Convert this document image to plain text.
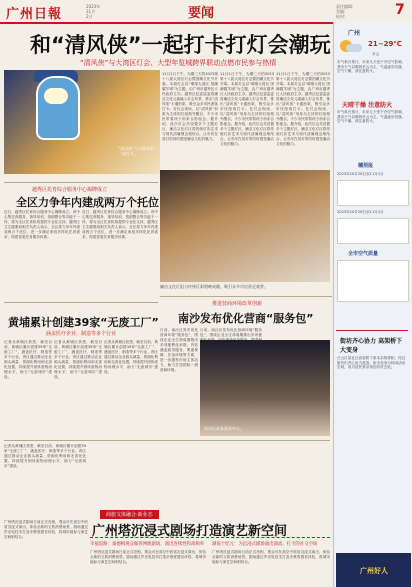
广州日報
2023年
11月
2日	要闻	责任编辑:
美编:
校对:	7
和“清风侠”一起打卡打灯会潮玩
“清风侠”与大湾区灯会、大型年览城跨界联动点燃市民参与热情
“清风侠”与小朋友们一起打卡。
11月1日下午，为期三天的2023第十八届大湾区灯会暨国潮文化节开幕。本届灯会以“璀璨大湾区 国潮耀羊城”为主题，由广州市越秀区人民政府主办。越秀区纪委监委将廉洁文化元素融入灯会布景，推出“清风侠”卡通形象，吸引众多市民游客打卡。在灯会现场，以“清风侠”形象为主体的灯组格外醒目，不少市民带着孩子前来合影留念。据介绍，此次灯会共设置多个主题灯区，廉洁文化灯区将传统灯彩艺术与现代清廉理念相结合，让市民在赏灯的同时感受廉洁文化的魅力。
11月1日下午，为期三天的2023第十八届大湾区灯会暨国潮文化节开幕。本届灯会以“璀璨大湾区 国潮耀羊城”为主题，由广州市越秀区人民政府主办。越秀区纪委监委将廉洁文化元素融入灯会布景，推出“清风侠”卡通形象，吸引众多市民游客打卡。在灯会现场，以“清风侠”形象为主体的灯组格外醒目，不少市民带着孩子前来合影留念。据介绍，此次灯会共设置多个主题灯区，廉洁文化灯区将传统灯彩艺术与现代清廉理念相结合，让市民在赏灯的同时感受廉洁文化的魅力。
11月1日下午，为期三天的2023第十八届大湾区灯会暨国潮文化节开幕。本届灯会以“璀璨大湾区 国潮耀羊城”为主题，由广州市越秀区人民政府主办。越秀区纪委监委将廉洁文化元素融入灯会布景，推出“清风侠”卡通形象，吸引众多市民游客打卡。在灯会现场，以“清风侠”形象为主体的灯组格外醒目，不少市民带着孩子前来合影留念。据介绍，此次灯会共设置多个主题灯区，廉洁文化灯区将传统灯彩艺术与现代清廉理念相结合，让市民在赏灯的同时感受廉洁文化的魅力。
廉洁文化灯组与传统灯彩相映成趣，吸引众多市民驻足观赏。
越秀区托育综合服务中心揭牌成立
全区力争年内建成两万个托位
近日，越秀区托育综合服务中心揭牌成立。该中心集托育服务、指导培训、资源整合等功能于一体，将为全区托育机构提供专业化支持。越秀区卫生健康局相关负责人表示，全区将力争年内建成两万个托位，进一步满足家庭多样化托育需求，构建普惠托育服务体系。
近日，越秀区托育综合服务中心揭牌成立。该中心集托育服务、指导培训、资源整合等功能于一体，将为全区托育机构提供专业化支持。越秀区卫生健康局相关负责人表示，全区将力争年内建成两万个托位，进一步满足家庭多样化托育需求，构建普惠托育服务体系。
黄埔累计创建39家“无废工厂”
涵盖医疗企业、制造等多个行业
记者从黄埔区获悉，截至目前，黄埔区累计创建39家“无废工厂”，涵盖医疗、制造等多个行业。该区通过推动企业源头减量、资源化利用和无害化处置，持续提升固体废物治理水平，助力“无废城市”建设。
记者从黄埔区获悉，截至目前，黄埔区累计创建39家“无废工厂”，涵盖医疗、制造等多个行业。该区通过推动企业源头减量、资源化利用和无害化处置，持续提升固体废物治理水平，助力“无废城市”建设。
记者从黄埔区获悉，截至目前，黄埔区累计创建39家“无废工厂”，涵盖医疗、制造等多个行业。该区通过推动企业源头减量、资源化利用和无害化处置，持续提升固体废物治理水平，助力“无废城市”建设。
推进营商环境改革创新
南沙发布优化营商“服务包”
日前，南沙区发布优化营商环境“服务包”，围绕企业全生命周期推出多项便利化举措。内容涵盖政务服务、要素保障、法治环境等方面，进一步激发市场主体活力，助力打造国际一流营商环境。
日前，南沙区发布优化营商环境“服务包”，围绕企业全生命周期推出多项便
南沙区政务服务中心。
记者从黄埔区获悉，截至目前，黄埔区累计创建39家“无废工厂”，涵盖医疗、制造等多个行业。该区通过推动企业源头减量、资源化利用和无害化处置，持续提升固体废物治理水平，助力“无废城市”建设。
商旅文体融合·新业态
广州塔沉浸式剧场打造演艺新空间
幸福追路：秦德相观众做客网映剧场，演出连续性和高频率	湖南十纪元：为沉浸式剧场演出演戏、打卡的社交空间
广州塔沉浸式剧场日前正式亮相，观众可在高空中欣赏沉浸式演出，体验全新的文旅消费场景。剧场通过声光电技术打造多维度感官体验，将城市地标与演艺空间相结合。
广州塔沉浸式剧场日前正式亮相，观众可在高空中欣赏沉浸式演出，体验全新的文旅消费场景。剧场通过声光电技术打造多维度感官体验，将城市地标与演艺空间相结合。
广州塔沉浸式剧场日前正式亮相，观众可在高空中欣赏沉浸式演出，体验全新的文旅消费场景。剧场通过声光电技术打造多维度感官体验，将城市地标与演艺空间相结合。
广州
21~29℃
多云
市气象台预计，未来几天受干冷空气影响，我市天气以晴到多云为主，气温逐步回落，空气干燥，请注意防火。
天晴干燥 注意防火
市气象台预计，未来几天受干冷空气影响，我市天气以晴到多云为主，气温逐步回落，空气干燥，请注意防火。
穗预报
2023年10月28日至11月1日
2023年10月28日至11月1日
全市空气质量
街坊齐心协力 高架桥下大变身
白云区某社区高架桥下原本杂物堆积，经过街坊们齐心协力改造，如今变身为休闲活动空间，成为居民茶余饭后的好去处。
广州好人
